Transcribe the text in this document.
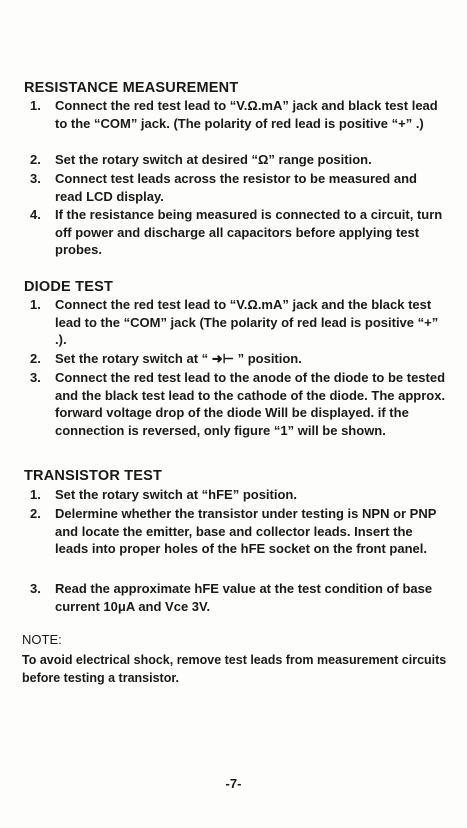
RESISTANCE MEASUREMENT
1.	Connect the red test lead to “V.Ω.mA” jack and black test lead to the “COM” jack. (The polarity of red lead is positive “+” .)
2.	Set the rotary switch at desired “Ω” range position.
3.	Connect test leads across the resistor to be measured and read LCD display.
4.	If the resistance being measured is connected to a circuit, turn off power and discharge all capacitors before applying test probes.
DIODE TEST
1.	Connect the red test lead to “V.Ω.mA” jack and the black test lead to the “COM” jack (The polarity of red lead is positive “+” .).
2.	Set the rotary switch at “ ➜⊢ ” position.
3.	Connect the red test lead to the anode of the diode to be tested and the black test lead to the cathode of the diode. The approx. forward voltage drop of the diode Will be displayed. if the connection is reversed, only figure “1” will be shown.
TRANSISTOR TEST
1.	Set the rotary switch at “hFE” position.
2.	Delermine whether the transistor under testing is NPN or PNP and locate the emitter, base and collector leads. Insert the leads into proper holes of the hFE socket on the front panel.
3.	Read the approximate hFE value at the test condition of base current 10μA and Vce 3V.
NOTE:
To avoid electrical shock, remove test leads from measurement circuits before testing a transistor.
-7-
